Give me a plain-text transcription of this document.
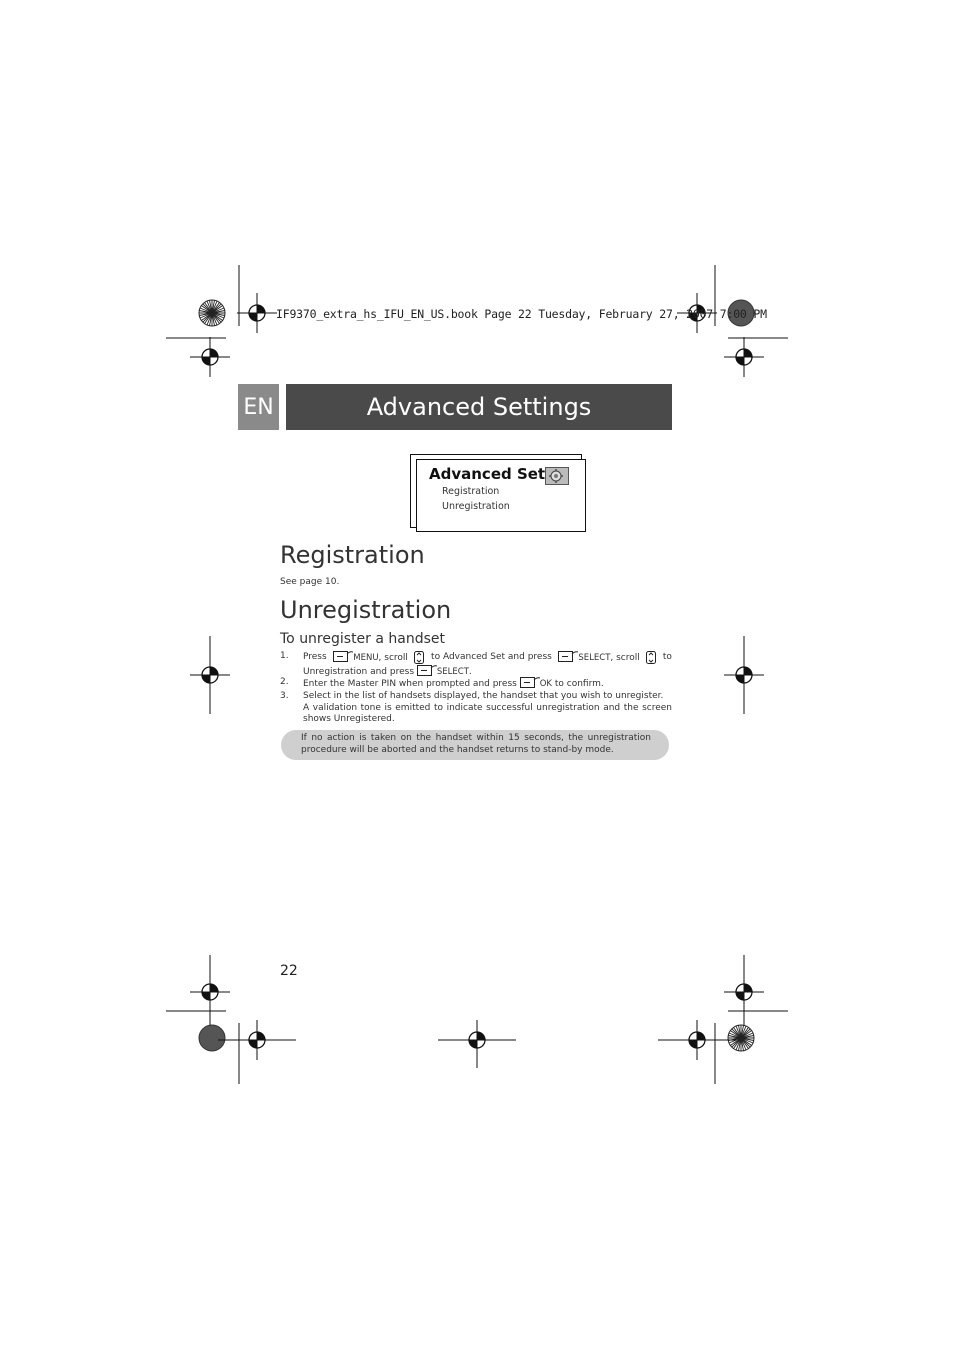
IF9370_extra_hs_IFU_EN_US.book Page 22 Tuesday, February 27, 2007 7:00 PM
EN	Advanced Settings
Advanced Set
Registration
Unregistration
Registration
See page 10.
Unregistration
To unregister a handset
1. Press	MENU, scroll	to Advanced Set and press	SELECT, scroll	to
Unregistration and press	SELECT.
2. Enter the Master PIN when prompted and press	OK to confirm.
3. Select in the list of handsets displayed, the handset that you wish to unregister.
A validation tone is emitted to indicate successful unregistration and the screen shows Unregistered.
If no action is taken on the handset within 15 seconds, the unregistration procedure will be aborted and the handset returns to stand-by mode.
22
